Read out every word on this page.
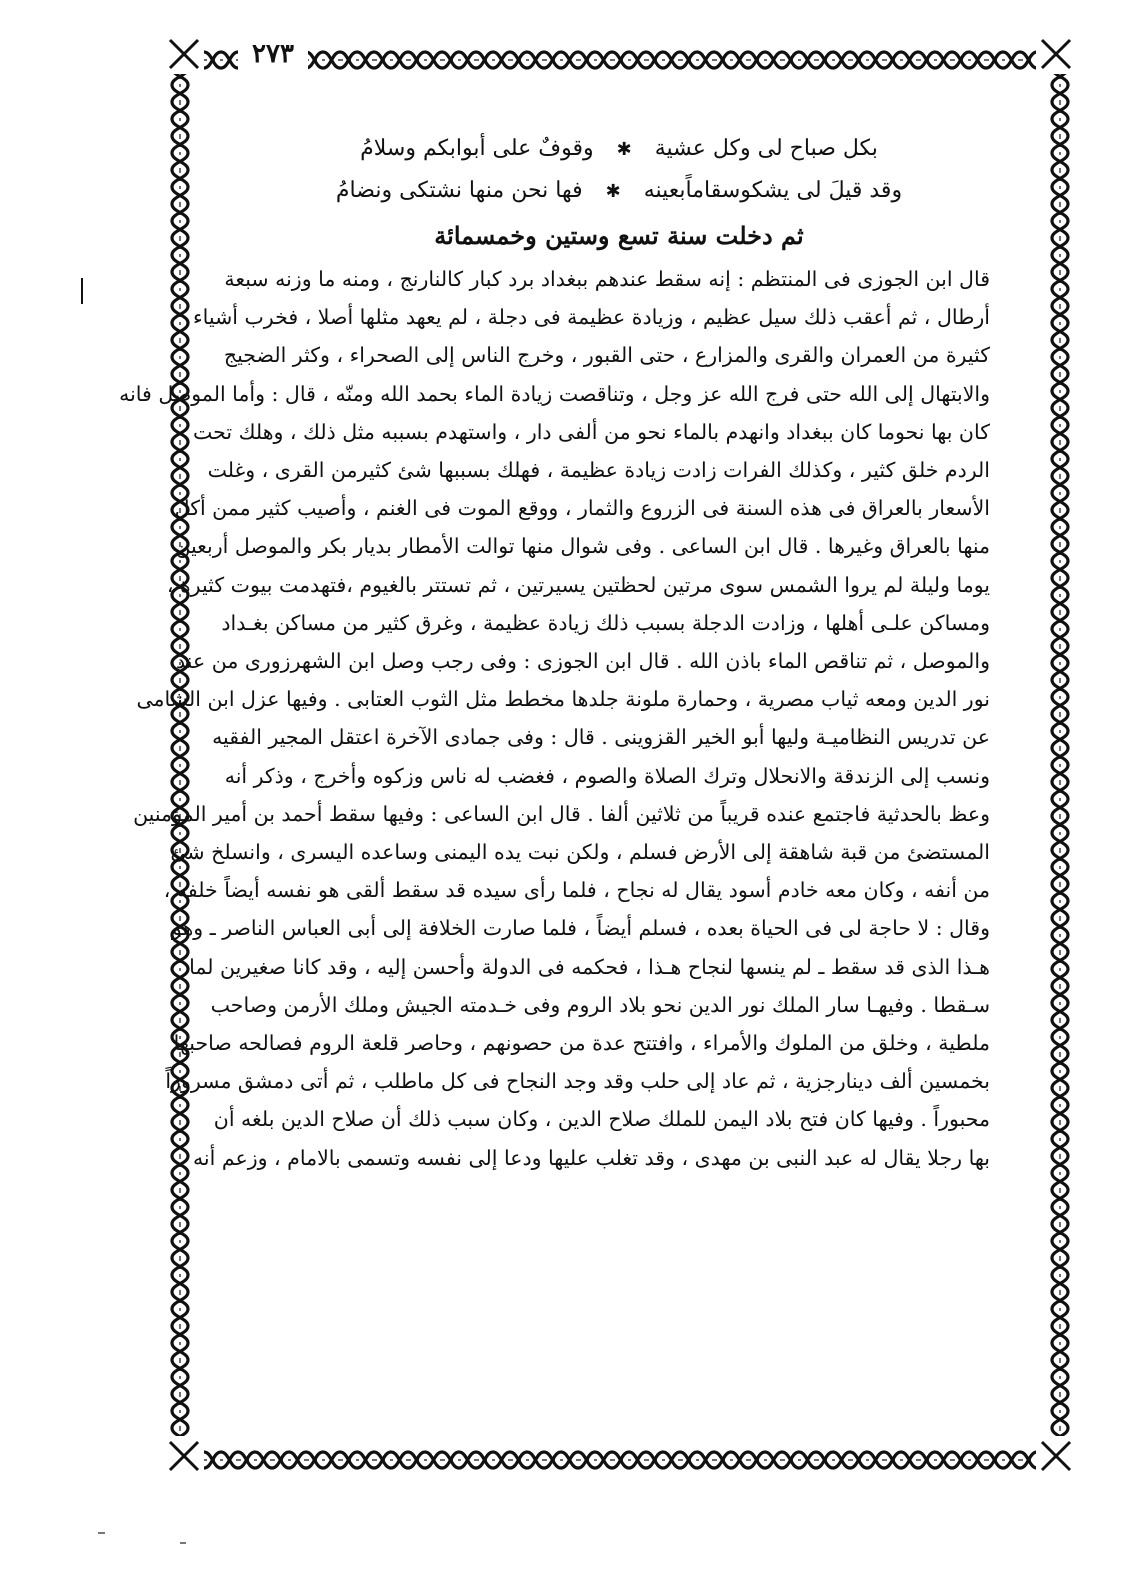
٢٧٣
بكل صباح لى وكل عشية ✱ وقوفٌ على أبوابكم وسلامُ
وقد قيلَ لى يشكوسقاماًبعينه ✱ فها نحن منها نشتكى ونضامُ
ثم دخلت سنة تسع وستين وخمسمائة
قال ابن الجوزى فى المنتظم : إنه سقط عندهم ببغداد برد كبار كالنارنج ، ومنه ما وزنه سبعة
أرطال ، ثم أعقب ذلك سيل عظيم ، وزيادة عظيمة فى دجلة ، لم يعهد مثلها أصلا ، فخرب أشياء
كثيرة من العمران والقرى والمزارع ، حتى القبور ، وخرج الناس إلى الصحراء ، وكثر الضجيج
والابتهال إلى الله حتى فرج الله عز وجل ، وتناقصت زيادة الماء بحمد الله ومنّه ، قال : وأما الموصل فانه
كان بها نحوما كان ببغداد وانهدم بالماء نحو من ألفى دار ، واستهدم بسببه مثل ذلك ، وهلك تحت
الردم خلق كثير ، وكذلك الفرات زادت زيادة عظيمة ، فهلك بسببها شئ كثيرمن القرى ، وغلت
الأسعار بالعراق فى هذه السنة فى الزروع والثمار ، ووقع الموت فى الغنم ، وأصيب كثير ممن أكل
منها بالعراق وغيرها . قال ابن الساعى . وفى شوال منها توالت الأمطار بديار بكر والموصل أربعين
يوما وليلة لم يروا الشمس سوى مرتين لحظتين يسيرتين ، ثم تستتر بالغيوم ،فتهدمت بيوت كثيرة ،
ومساكن علـى أهلها ، وزادت الدجلة بسبب ذلك زيادة عظيمة ، وغرق كثير من مساكن بغـداد
والموصل ، ثم تناقص الماء باذن الله . قال ابن الجوزى : وفى رجب وصل ابن الشهرزورى من عند
نور الدين ومعه ثياب مصرية ، وحمارة ملونة جلدها مخطط مثل الثوب العتابى . وفيها عزل ابن الشامى
عن تدريس النظاميـة وليها أبو الخير القزوينى . قال : وفى جمادى الآخرة اعتقل المجير الفقيه
ونسب إلى الزندقة والانحلال وترك الصلاة والصوم ، فغضب له ناس وزكوه وأخرج ، وذكر أنه
وعظ بالحدثية فاجتمع عنده قريباً من ثلاثين ألفا . قال ابن الساعى : وفيها سقط أحمد بن أمير المؤمنين
المستضئ من قبة شاهقة إلى الأرض فسلم ، ولكن نبت يده اليمنى وساعده اليسرى ، وانسلخ شئ
من أنفه ، وكان معه خادم أسود يقال له نجاح ، فلما رأى سيده قد سقط ألقى هو نفسه أيضاً خلفه ،
وقال : لا حاجة لى فى الحياة بعده ، فسلم أيضاً ، فلما صارت الخلافة إلى أبى العباس الناصر ـ وهو
هـذا الذى قد سقط ـ لم ينسها لنجاح هـذا ، فحكمه فى الدولة وأحسن إليه ، وقد كانا صغيرين لما
سـقطا . وفيهـا سار الملك نور الدين نحو بلاد الروم وفى خـدمته الجيش وملك الأرمن وصاحب
ملطية ، وخلق من الملوك والأمراء ، وافتتح عدة من حصونهم ، وحاصر قلعة الروم فصالحه صاحبها
بخمسين ألف دينارجزية ، ثم عاد إلى حلب وقد وجد النجاح فى كل ماطلب ، ثم أتى دمشق مسروراً
محبوراً . وفيها كان فتح بلاد اليمن للملك صلاح الدين ، وكان سبب ذلك أن صلاح الدين بلغه أن
بها رجلا يقال له عبد النبى بن مهدى ، وقد تغلب عليها ودعا إلى نفسه وتسمى بالامام ، وزعم أنه
